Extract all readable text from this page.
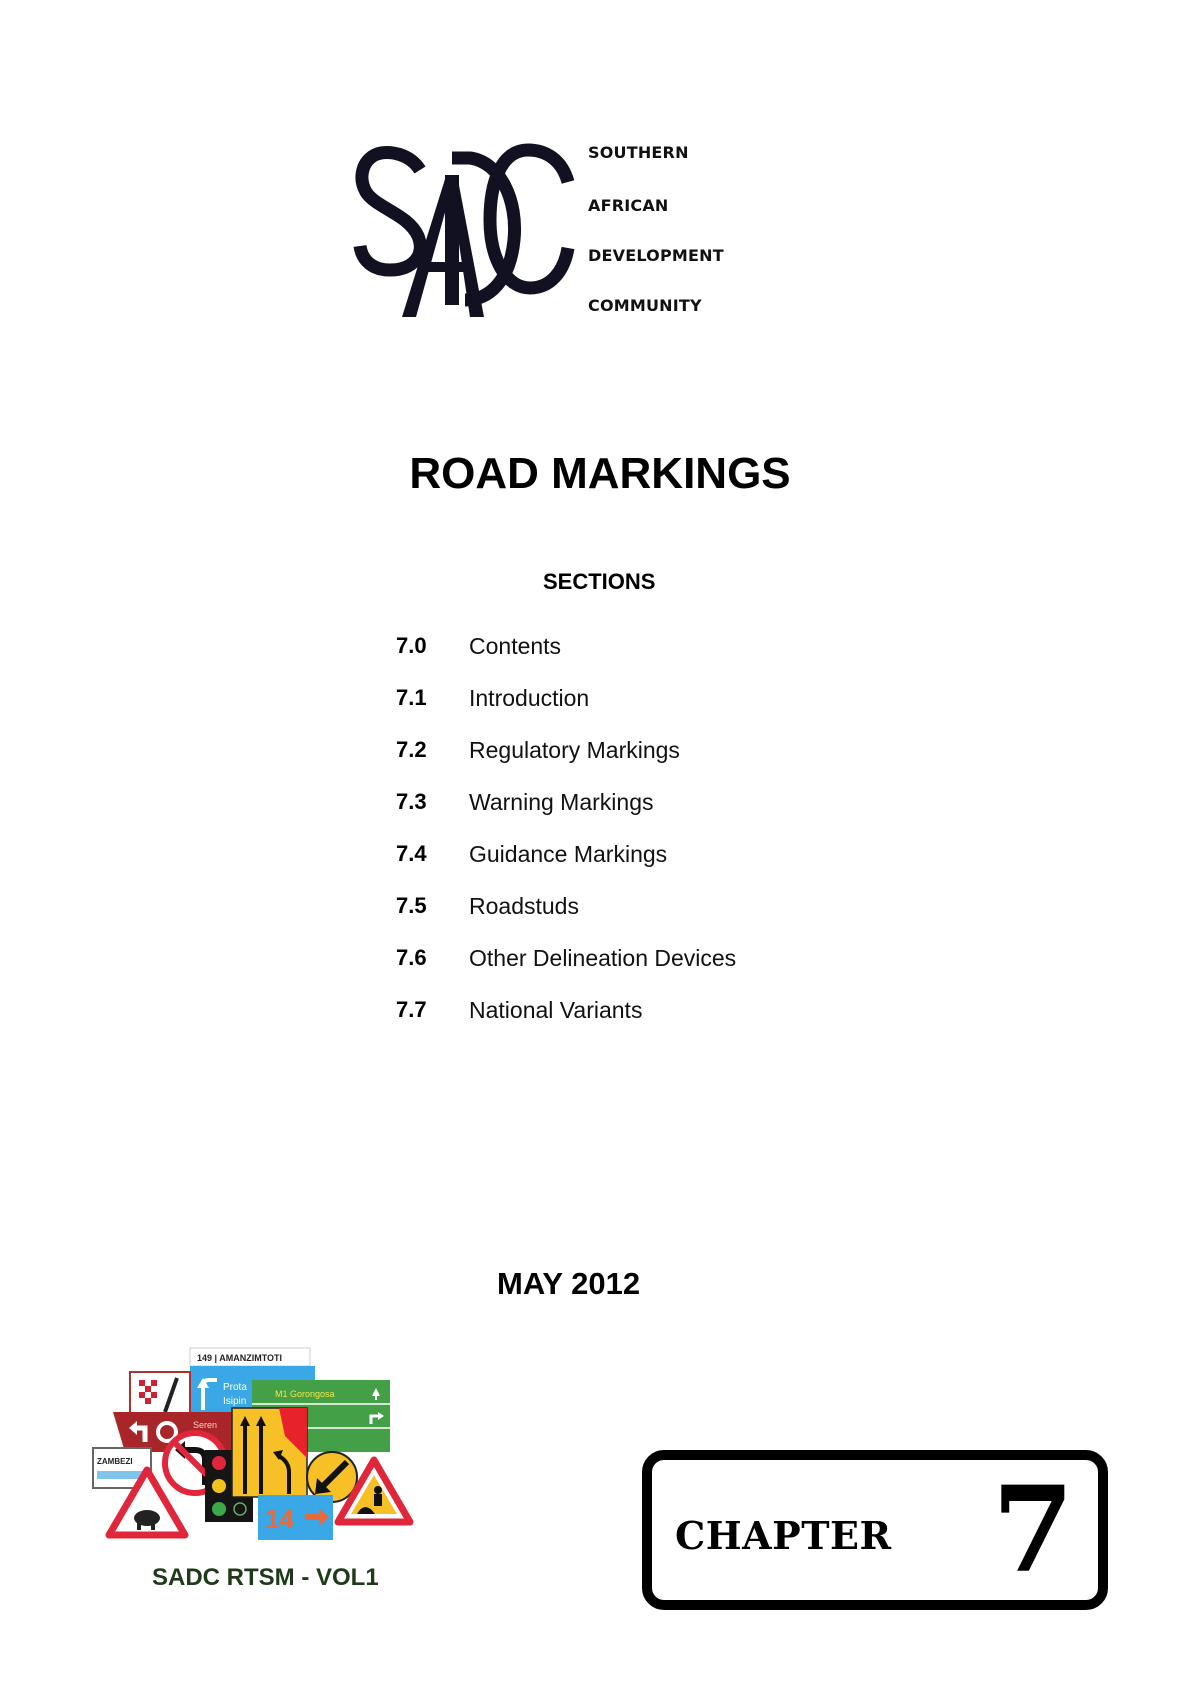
SOUTHERN
AFRICAN
DEVELOPMENT
COMMUNITY
ROAD MARKINGS
SECTIONS
7.0	Contents
7.1	Introduction
7.2	Regulatory Markings
7.3	Warning Markings
7.4	Guidance Markings
7.5	Roadstuds
7.6	Other Delineation Devices
7.7	National Variants
MAY 2012
149 | AMANZIMTOTI
Prota
Isipin
M1 Gorongosa
Seren
ZAMBEZI
14
SADC RTSM - VOL1
CHAPTER 7
